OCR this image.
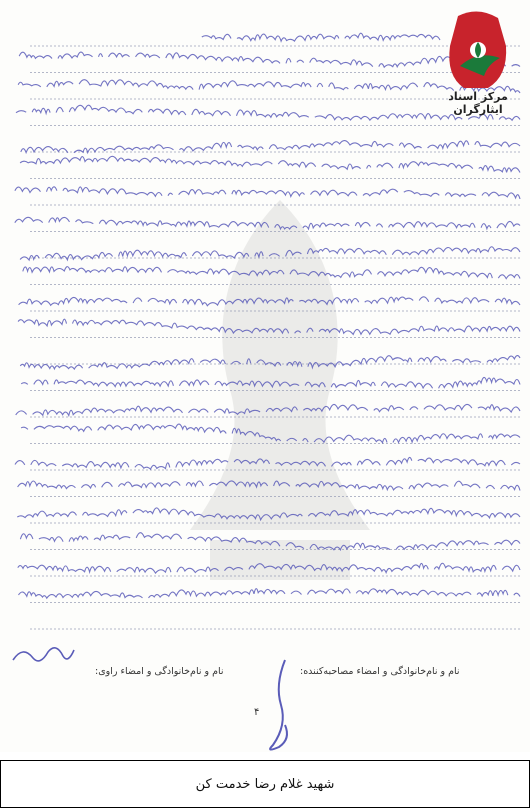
مرکز اسناد ایثارگران
نام و نام‌خانوادگی و امضاء مصاحبه‌کننده:
نام و نام‌خانوادگی و امضاء راوی:
۴
شهید غلام رضا خدمت کن
